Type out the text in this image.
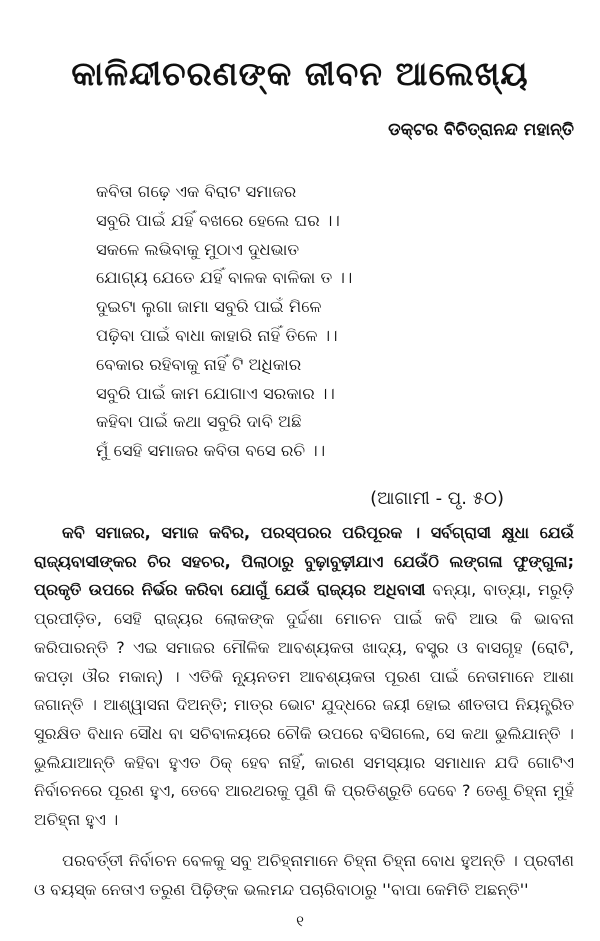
କାଳିନ୍ଦୀଚରଣଙ୍କ ଜୀବନ ଆଲେଖ୍ୟ
ଡକ୍ଟର ବିଚିତ୍ରାନନ୍ଦ ମହାନ୍ତି
କବିତା ଗଢ଼େ ଏକ ବିରାଟ ସମାଜର
ସବୁରି ପାଇଁ ଯହିଁ ବଖରେ ହେଲେ ଘର ।।
ସକଳେ ଲଭିବାକୁ ମୁଠାଏ ଦୁଧଭାତ
ଯୋଗ୍ୟ ଯେତେ ଯହିଁ ବାଳକ ବାଳିକା ତ ।।
ଦୁଇଟା ଲୁଗା ଜାମା ସବୁରି ପାଇଁ ମିଳେ
ପଢ଼ିବା ପାଇଁ ବାଧା କାହାରି ନାହିଁ ତିଳେ ।।
ବେକାର ରହିବାକୁ ନାହିଁ ଟି ଅଧିକାର
ସବୁରି ପାଇଁ କାମ ଯୋଗାଏ ସରକାର ।।
କହିବା ପାଇଁ କଥା ସବୁରି ଦାବି ଅଛି
ମୁଁ ସେହି ସମାଜର କବିତା ବସେ ରଚି ।।
(ଆଗାମୀ - ପୃ. ୫୦)
କବି ସମାଜର, ସମାଜ କବିର, ପରସ୍ପରର ପରିପୂରକ । ସର୍ବଗ୍ରାସୀ କ୍ଷୁଧା ଯେଉଁ ରାଜ୍ୟବାସୀଙ୍କର ଚିର ସହଚର, ପିଲାଠାରୁ ବୁଢ଼ାବୁଢ଼ୀଯାଏ ଯେଉଁଠି ଲଙ୍ଗଳା ଫୁଙ୍ଗୁଳା; ପ୍ରକୃତି ଉପରେ ନିର୍ଭର କରିବା ଯୋଗୁଁ ଯେଉଁ ରାଜ୍ୟର ଅଧିବାସୀ ବନ୍ୟା, ବାତ୍ୟା, ମରୁଡ଼ି ପ୍ରପୀଡ଼ିତ, ସେହି ରାଜ୍ୟର ଲୋକଙ୍କ ଦୁର୍ଦ୍ଦଶା ମୋଚନ ପାଇଁ କବି ଆଉ କି ଭାବନା କରିପାରନ୍ତି ? ଏଇ ସମାଜର ମୌଳିକ ଆବଶ୍ୟକତା ଖାଦ୍ୟ, ବସ୍ତ୍ର ଓ ବାସଗୃହ (ରୋଟି, କପଡ଼ା ଔର ମକାନ୍) । ଏତିକି ନ୍ୟୂନତମ ଆବଶ୍ୟକତା ପୂରଣ ପାଇଁ ନେତାମାନେ ଆଶା ଜଗାନ୍ତି । ଆଶ୍ୱାସନା ଦିଅନ୍ତି; ମାତ୍ର ଭୋଟ ଯୁଦ୍ଧରେ ଜୟୀ ହୋଇ ଶୀତତାପ ନିୟନ୍ତ୍ରିତ ସୁରକ୍ଷିତ ବିଧାନ ସୌଧ ବା ସଚିବାଳୟରେ ଚୌକି ଉପରେ ବସିଗଲେ, ସେ କଥା ଭୁଲିଯାନ୍ତି । ଭୁଲିଯାଆନ୍ତି କହିବା ହୁଏତ ଠିକ୍ ହେବ ନାହିଁ, କାରଣ ସମସ୍ୟାର ସମାଧାନ ଯଦି ଗୋଟିଏ ନିର୍ବାଚନରେ ପୂରଣ ହୁଏ, ତେବେ ଆରଥରକୁ ପୁଣି କି ପ୍ରତିଶ୍ରୁତି ଦେବେ ? ତେଣୁ ଚିହ୍ନା ମୁହଁ ଅଚିହ୍ନା ହୁଏ ।
ପରବର୍ତ୍ତୀ ନିର୍ବାଚନ ବେଳକୁ ସବୁ ଅଚିହ୍ନାମାନେ ଚିହ୍ନା ଚିହ୍ନା ବୋଧ ହୁଅନ୍ତି । ପ୍ରବୀଣ ଓ ବୟସ୍କ ନେତାଏ ତରୁଣ ପିଢ଼ିଙ୍କ ଭଲମନ୍ଦ ପଚାରିବାଠାରୁ ''ବାପା କେମିତି ଅଛନ୍ତି''
୧
